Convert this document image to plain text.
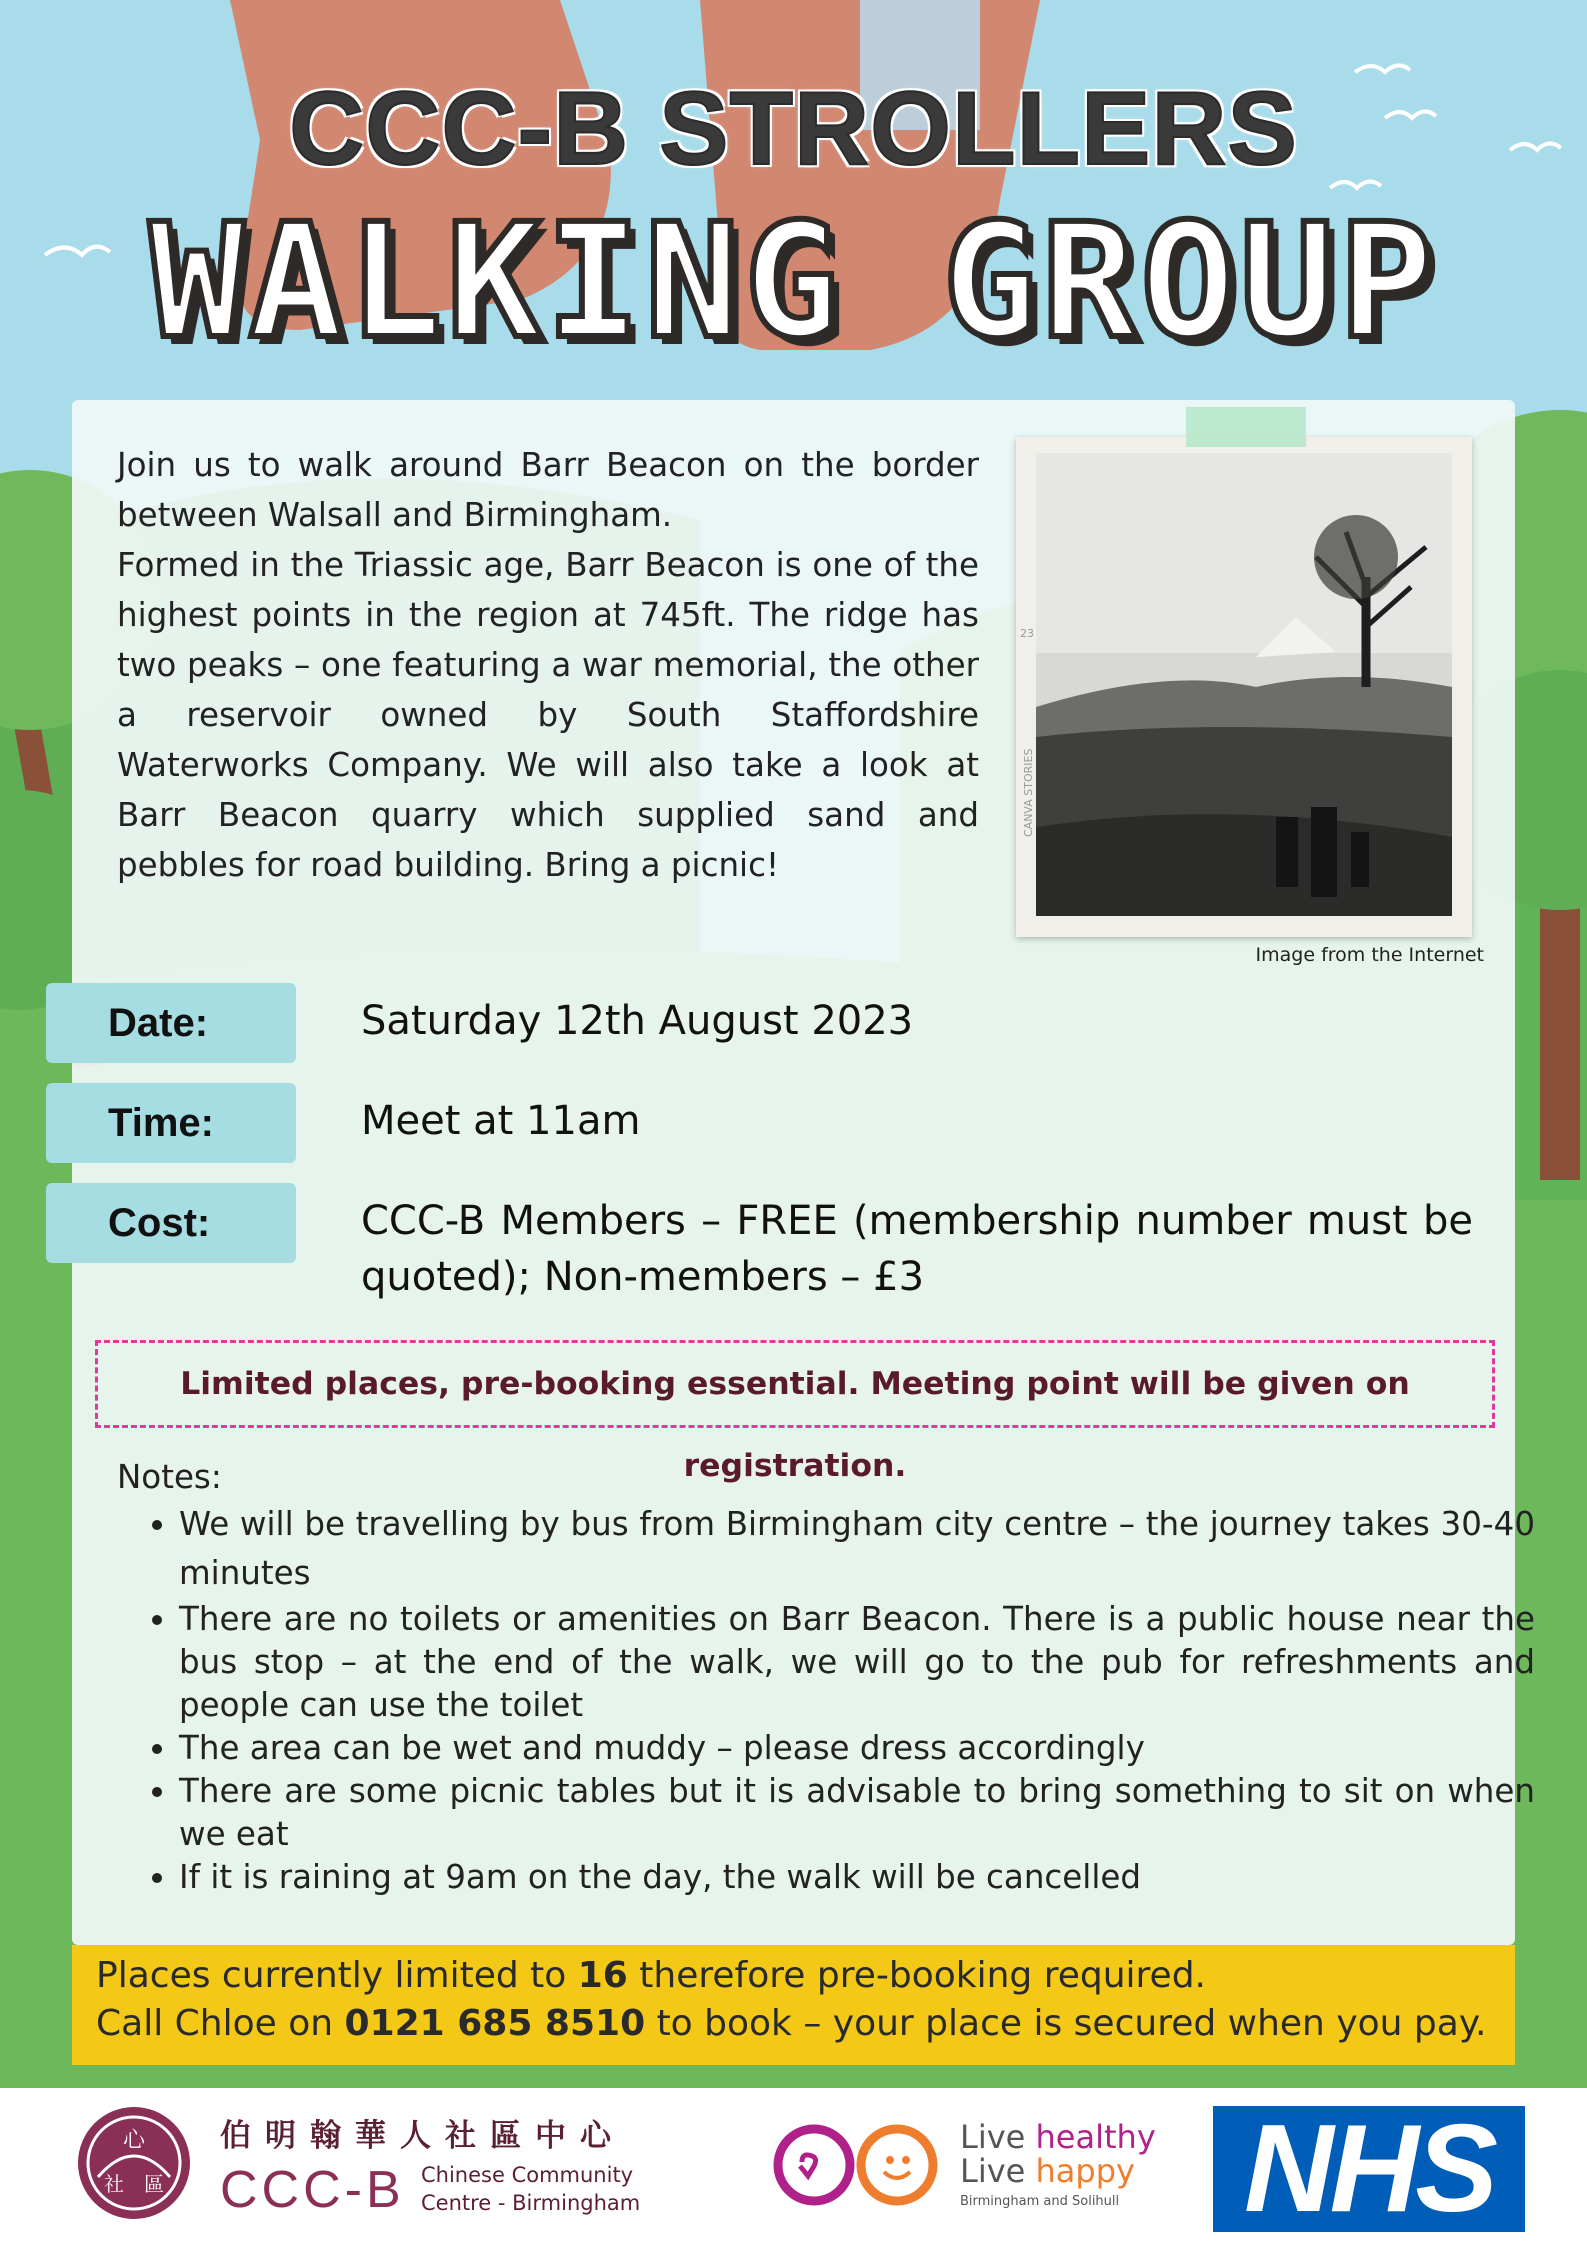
CCC-B STROLLERS
WALKING GROUP

Join us to walk around Barr Beacon on the border between Walsall and Birmingham.

Formed in the Triassic age, Barr Beacon is one of the highest points in the region at 745ft. The ridge has two peaks – one featuring a war memorial, the other a reservoir owned by South Staffordshire Waterworks Company. We will also take a look at Barr Beacon quarry which supplied sand and pebbles for road building. Bring a picnic!

CANVA STORIES
23
Image from the Internet
Date:	Saturday 12th August 2023
Time:	Meet at 11am
Cost:	CCC-B Members – FREE (membership number must be quoted); Non-members – £3
Limited places, pre-booking essential. Meeting point will be given on registration.
Notes:
• We will be travelling by bus from Birmingham city centre – the journey takes 30-40 minutes
• There are no toilets or amenities on Barr Beacon. There is a public house near the bus stop – at the end of the walk, we will go to the pub for refreshments and people can use the toilet
• The area can be wet and muddy – please dress accordingly
• There are some picnic tables but it is advisable to bring something to sit on when we eat
• If it is raining at 9am on the day, the walk will be cancelled
Places currently limited to 16 therefore pre-booking required.
Call Chloe on 0121 685 8510 to book – your place is secured when you pay.
心
社 區
伯明翰華人社區中心
CCC-B Chinese Community
Centre - Birmingham
Live healthy
Live happy
Birmingham and Solihull NHS
